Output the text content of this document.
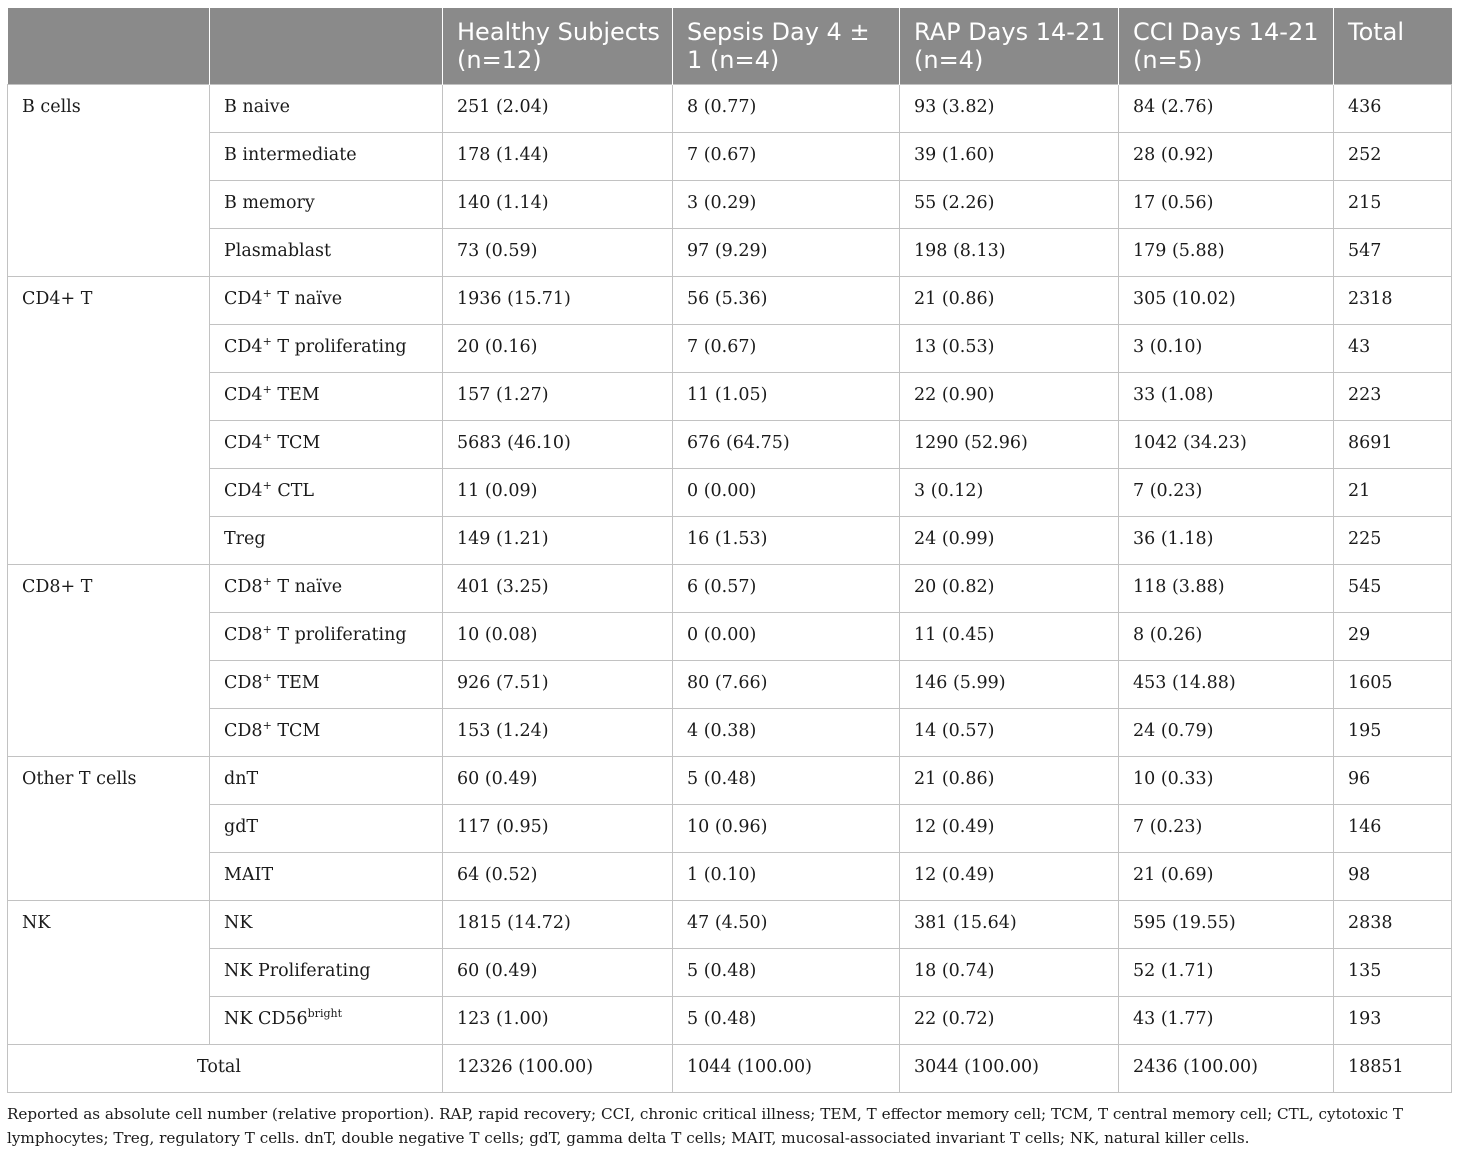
		Healthy Subjects (n=12)	Sepsis Day 4 ± 1 (n=4)	RAP Days 14-21 (n=4)	CCI Days 14-21 (n=5)	Total
B cells	B naive	251 (2.04)	8 (0.77)	93 (3.82)	84 (2.76)	436
	B intermediate	178 (1.44)	7 (0.67)	39 (1.60)	28 (0.92)	252
	B memory	140 (1.14)	3 (0.29)	55 (2.26)	17 (0.56)	215
	Plasmablast	73 (0.59)	97 (9.29)	198 (8.13)	179 (5.88)	547
CD4+ T	CD4+ T naïve	1936 (15.71)	56 (5.36)	21 (0.86)	305 (10.02)	2318
	CD4+ T proliferating	20 (0.16)	7 (0.67)	13 (0.53)	3 (0.10)	43
	CD4+ TEM	157 (1.27)	11 (1.05)	22 (0.90)	33 (1.08)	223
	CD4+ TCM	5683 (46.10)	676 (64.75)	1290 (52.96)	1042 (34.23)	8691
	CD4+ CTL	11 (0.09)	0 (0.00)	3 (0.12)	7 (0.23)	21
	Treg	149 (1.21)	16 (1.53)	24 (0.99)	36 (1.18)	225
CD8+ T	CD8+ T naïve	401 (3.25)	6 (0.57)	20 (0.82)	118 (3.88)	545
	CD8+ T proliferating	10 (0.08)	0 (0.00)	11 (0.45)	8 (0.26)	29
	CD8+ TEM	926 (7.51)	80 (7.66)	146 (5.99)	453 (14.88)	1605
	CD8+ TCM	153 (1.24)	4 (0.38)	14 (0.57)	24 (0.79)	195
Other T cells	dnT	60 (0.49)	5 (0.48)	21 (0.86)	10 (0.33)	96
	gdT	117 (0.95)	10 (0.96)	12 (0.49)	7 (0.23)	146
	MAIT	64 (0.52)	1 (0.10)	12 (0.49)	21 (0.69)	98
NK	NK	1815 (14.72)	47 (4.50)	381 (15.64)	595 (19.55)	2838
	NK Proliferating	60 (0.49)	5 (0.48)	18 (0.74)	52 (1.71)	135
	NK $CD56^{bright}$	123 (1.00)	5 (0.48)	22 (0.72)	43 (1.77)	193
Total		12326 (100.00)	1044 (100.00)	3044 (100.00)	2436 (100.00)	18851
Reported as absolute cell number (relative proportion). RAP, rapid recovery; CCI, chronic critical illness; TEM, T effector memory cell; TCM, T central memory cell; CTL, cytotoxic T lymphocytes; Treg, regulatory T cells. dnT, double negative T cells; gdT, gamma delta T cells; MAIT, mucosal-associated invariant T cells; NK, natural killer cells.
